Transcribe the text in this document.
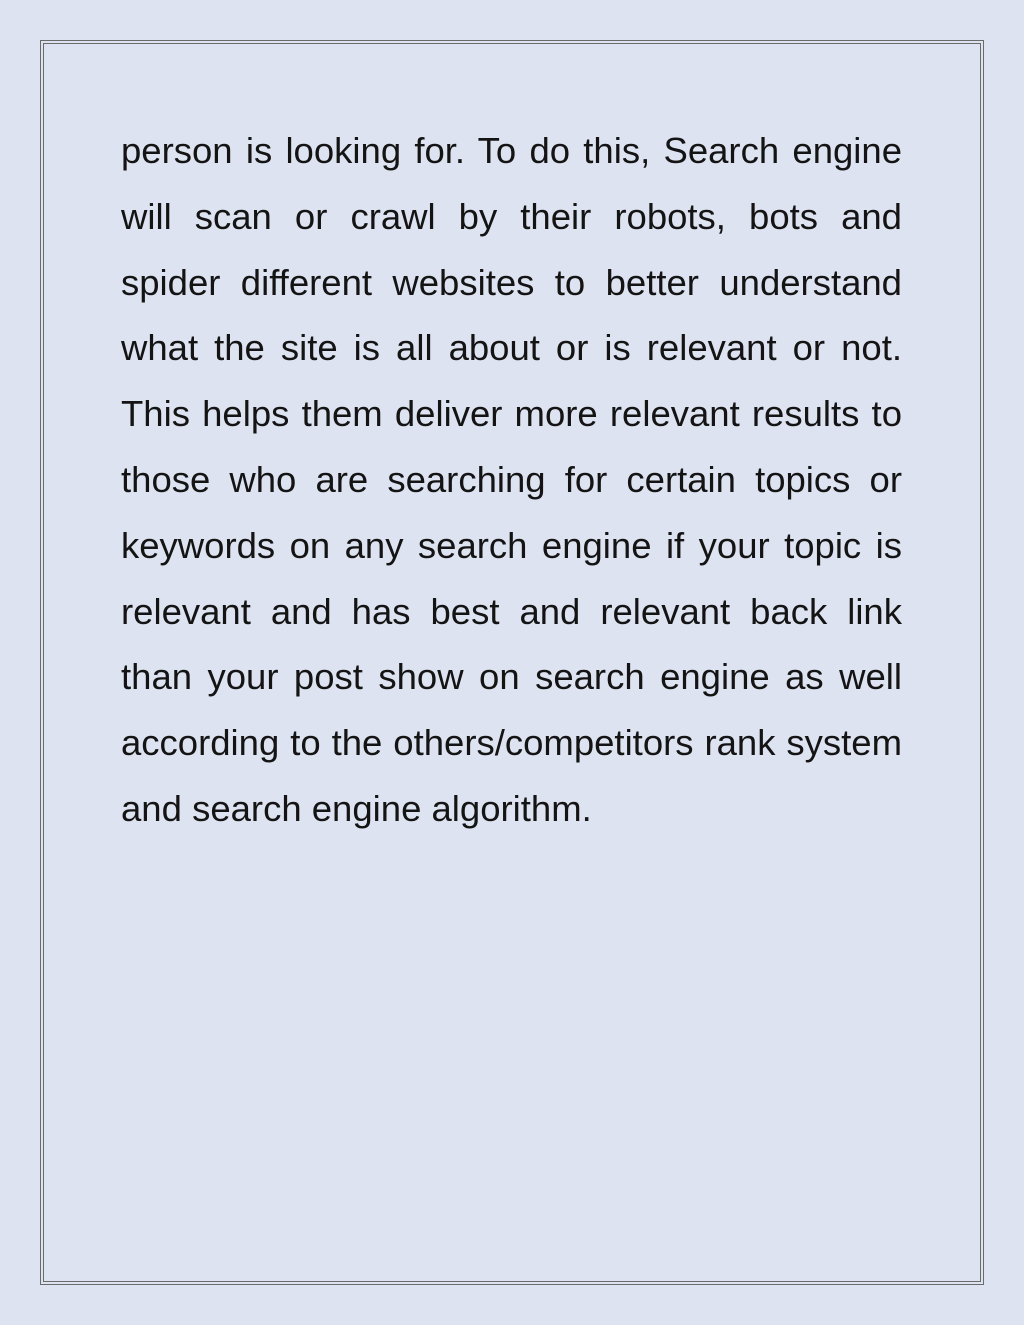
person is looking for. To do this, Search engine will scan or crawl by their robots, bots and spider different websites to better understand what the site is all about or is relevant or not. This helps them deliver more relevant results to those who are searching for certain topics or keywords on any search engine if your topic is relevant and has best and relevant back link than your post show on search engine as well according to the others/competitors rank system and search engine algorithm.
